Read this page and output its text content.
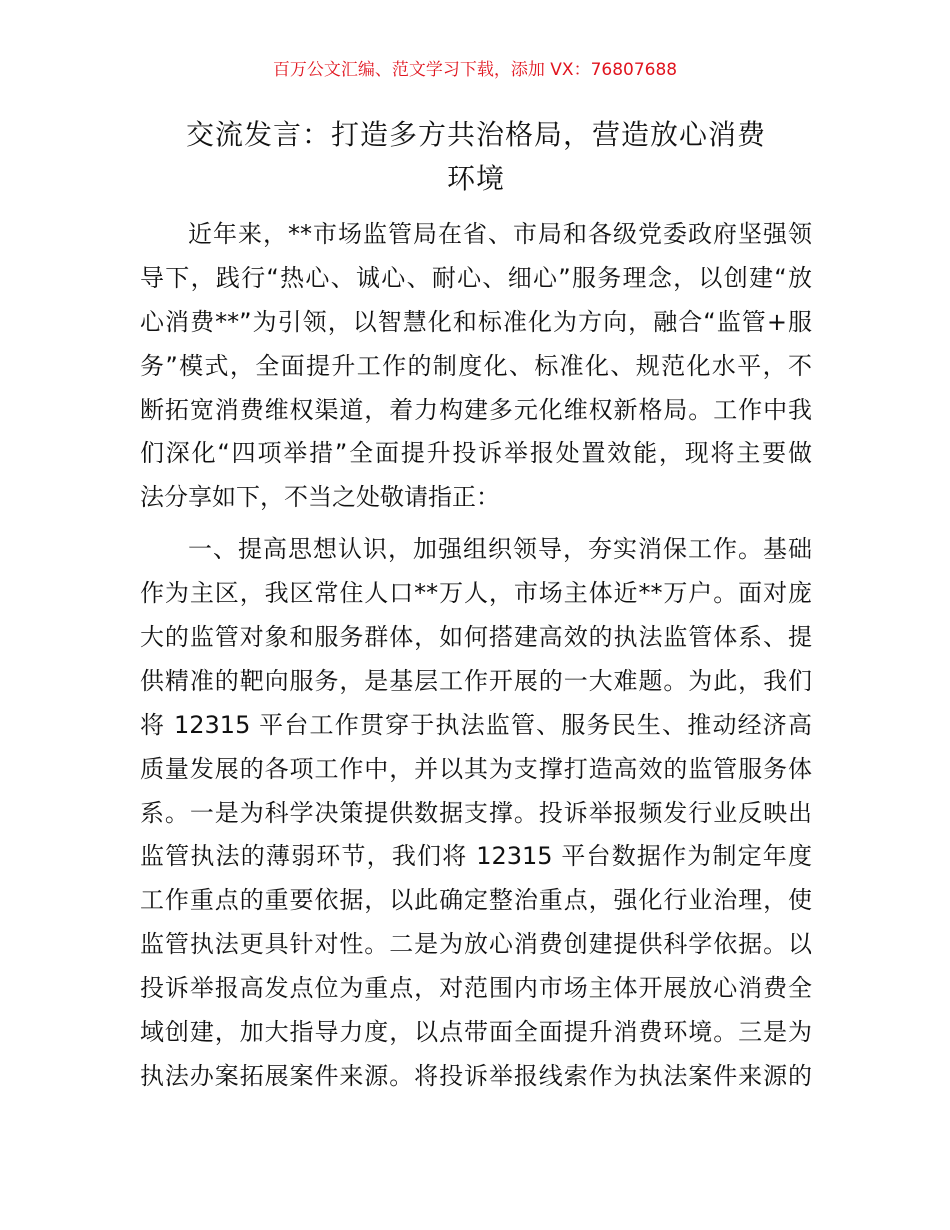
百万公文汇编、范文学习下载，添加 VX：76807688
交流发言：打造多方共治格局，营造放心消费
环境
近年来，**市场监管局在省、市局和各级党委政府坚强领
导下，践行“热心、诚心、耐心、细心”服务理念，以创建“放
心消费**”为引领，以智慧化和标准化为方向，融合“监管+服
务”模式，全面提升工作的制度化、标准化、规范化水平，不
断拓宽消费维权渠道，着力构建多元化维权新格局。工作中我
们深化“四项举措”全面提升投诉举报处置效能，现将主要做
法分享如下，不当之处敬请指正：
一、提高思想认识，加强组织领导，夯实消保工作。基础
作为主区，我区常住人口**万人，市场主体近**万户。面对庞
大的监管对象和服务群体，如何搭建高效的执法监管体系、提
供精准的靶向服务，是基层工作开展的一大难题。为此，我们
将 12315 平台工作贯穿于执法监管、服务民生、推动经济高
质量发展的各项工作中，并以其为支撑打造高效的监管服务体
系。一是为科学决策提供数据支撑。投诉举报频发行业反映出
监管执法的薄弱环节，我们将 12315 平台数据作为制定年度
工作重点的重要依据，以此确定整治重点，强化行业治理，使
监管执法更具针对性。二是为放心消费创建提供科学依据。以
投诉举报高发点位为重点，对范围内市场主体开展放心消费全
域创建，加大指导力度，以点带面全面提升消费环境。三是为
执法办案拓展案件来源。将投诉举报线索作为执法案件来源的
